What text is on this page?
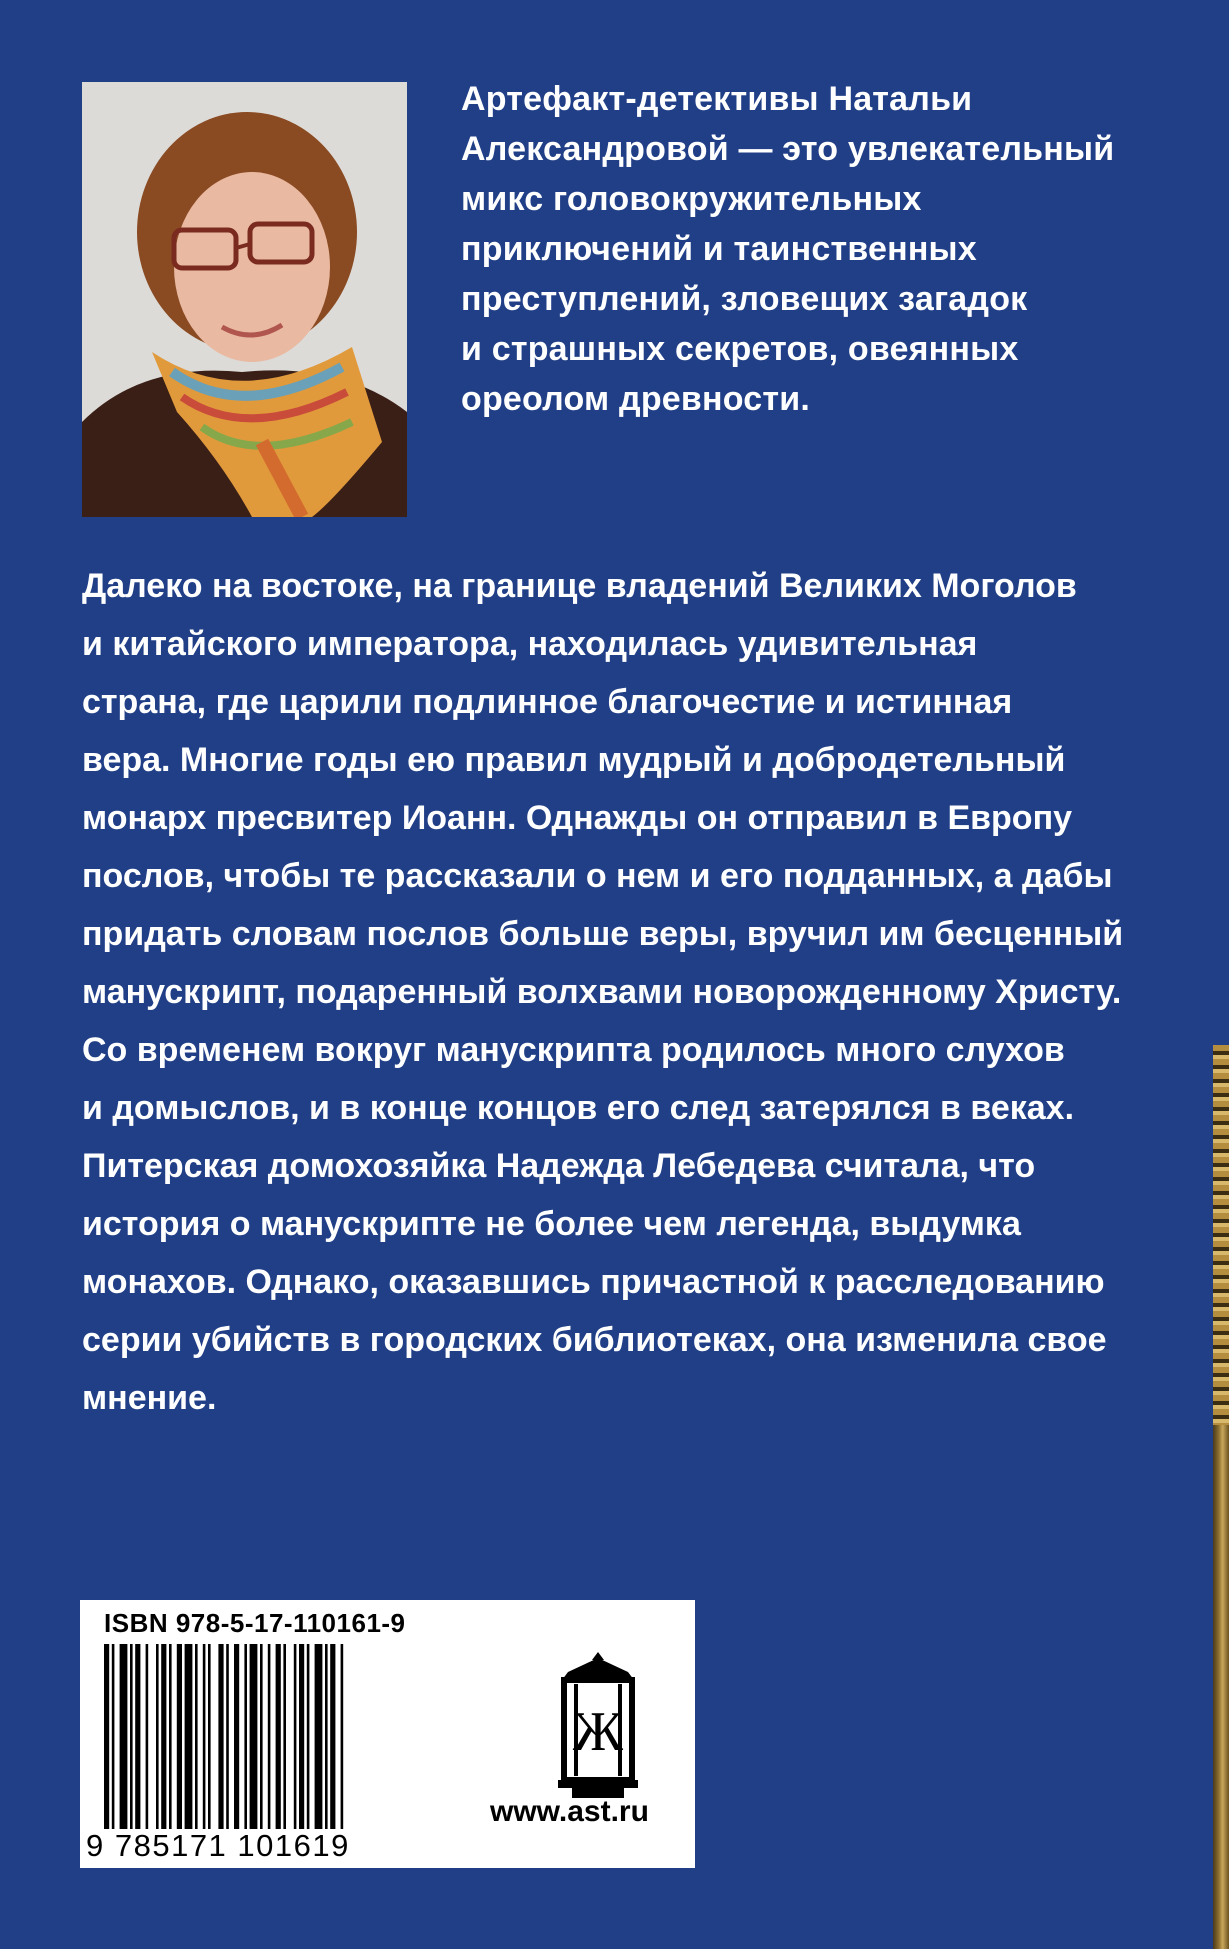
Артефакт-детективы Натальи
Александровой — это увлекательный
микс головокружительных
приключений и таинственных
преступлений, зловещих загадок
и страшных секретов, овеянных
ореолом древности.
Далеко на востоке, на границе владений Великих Моголов
и китайского императора, находилась удивительная
страна, где царили подлинное благочестие и истинная
вера. Многие годы ею правил мудрый и добродетельный
монарх пресвитер Иоанн. Однажды он отправил в Европу
послов, чтобы те рассказали о нем и его подданных, а дабы
придать словам послов больше веры, вручил им бесценный
манускрипт, подаренный волхвами новорожденному Христу.
Со временем вокруг манускрипта родилось много слухов
и домыслов, и в конце концов его след затерялся в веках.
Питерская домохозяйка Надежда Лебедева считала, что
история о манускрипте не более чем легенда, выдумка
монахов. Однако, оказавшись причастной к расследованию
серии убийств в городских библиотеках, она изменила свое
мнение.
ISBN 978-5-17-110161-9
9 785171 101619
Ж
www.ast.ru
